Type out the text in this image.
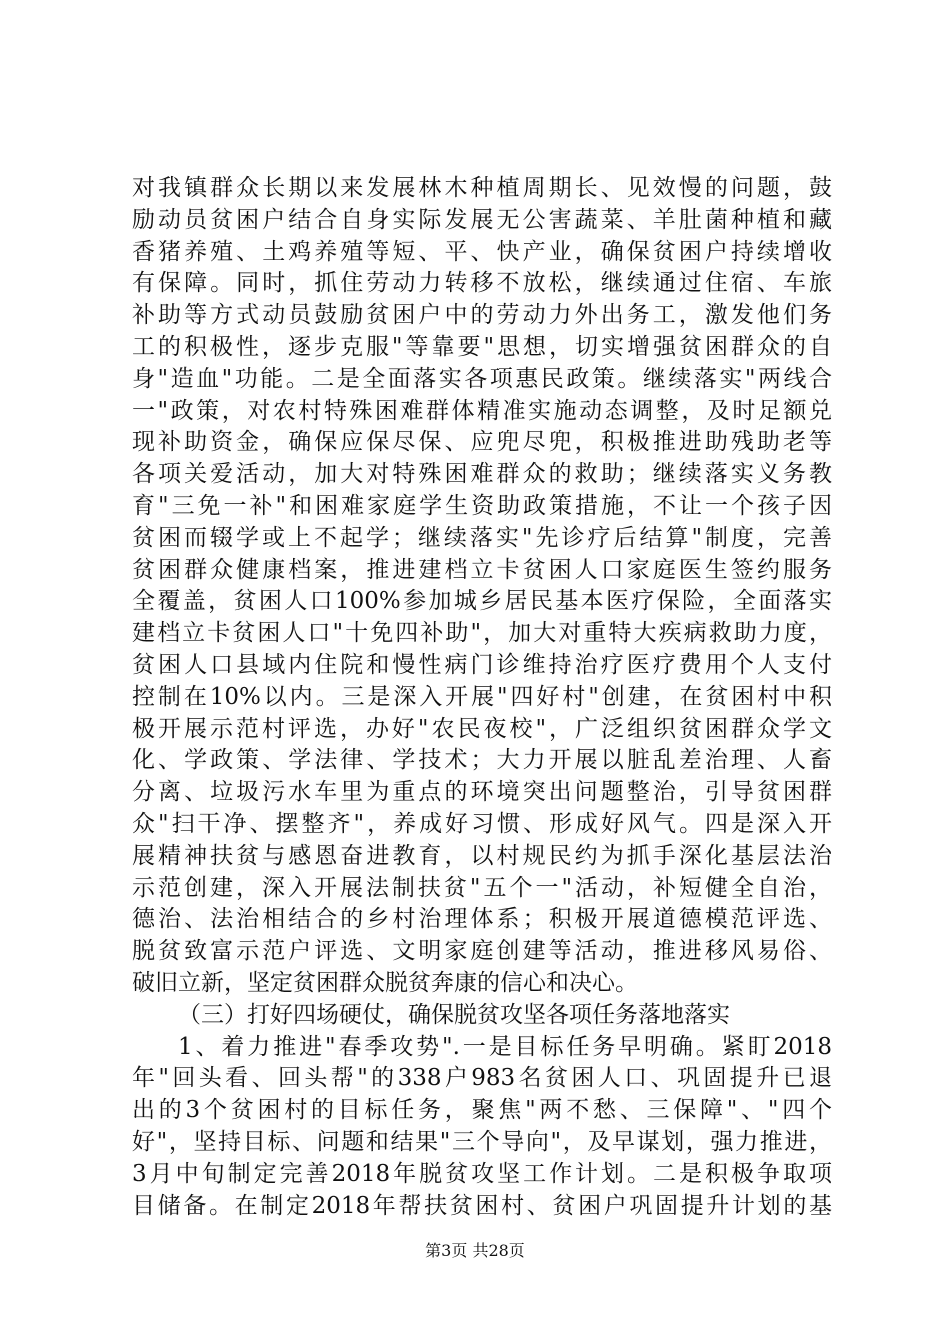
对我镇群众长期以来发展林木种植周期长、见效慢的问题，鼓
励动员贫困户结合自身实际发展无公害蔬菜、羊肚菌种植和藏
香猪养殖、土鸡养殖等短、平、快产业，确保贫困户持续增收
有保障。同时，抓住劳动力转移不放松，继续通过住宿、车旅
补助等方式动员鼓励贫困户中的劳动力外出务工，激发他们务
工的积极性，逐步克服"等靠要"思想，切实增强贫困群众的自
身"造血"功能。二是全面落实各项惠民政策。继续落实"两线合
一"政策，对农村特殊困难群体精准实施动态调整，及时足额兑
现补助资金，确保应保尽保、应兜尽兜，积极推进助残助老等
各项关爱活动，加大对特殊困难群众的救助；继续落实义务教
育"三免一补"和困难家庭学生资助政策措施，不让一个孩子因
贫困而辍学或上不起学；继续落实"先诊疗后结算"制度，完善
贫困群众健康档案，推进建档立卡贫困人口家庭医生签约服务
全覆盖，贫困人口100%参加城乡居民基本医疗保险，全面落实
建档立卡贫困人口"十免四补助"，加大对重特大疾病救助力度，
贫困人口县域内住院和慢性病门诊维持治疗医疗费用个人支付
控制在10%以内。三是深入开展"四好村"创建，在贫困村中积
极开展示范村评选，办好"农民夜校"，广泛组织贫困群众学文
化、学政策、学法律、学技术；大力开展以脏乱差治理、人畜
分离、垃圾污水车里为重点的环境突出问题整治，引导贫困群
众"扫干净、摆整齐"，养成好习惯、形成好风气。四是深入开
展精神扶贫与感恩奋进教育，以村规民约为抓手深化基层法治
示范创建，深入开展法制扶贫"五个一"活动，补短健全自治，
德治、法治相结合的乡村治理体系；积极开展道德模范评选、
脱贫致富示范户评选、文明家庭创建等活动，推进移风易俗、
破旧立新，坚定贫困群众脱贫奔康的信心和决心。
（三）打好四场硬仗，确保脱贫攻坚各项任务落地落实
1、着力推进"春季攻势".一是目标任务早明确。紧盯2018
年"回头看、回头帮"的338户983名贫困人口、巩固提升已退
出的3个贫困村的目标任务，聚焦"两不愁、三保障"、"四个
好"，坚持目标、问题和结果"三个导向"，及早谋划，强力推进，
3月中旬制定完善2018年脱贫攻坚工作计划。二是积极争取项
目储备。在制定2018年帮扶贫困村、贫困户巩固提升计划的基
第3页 共28页
